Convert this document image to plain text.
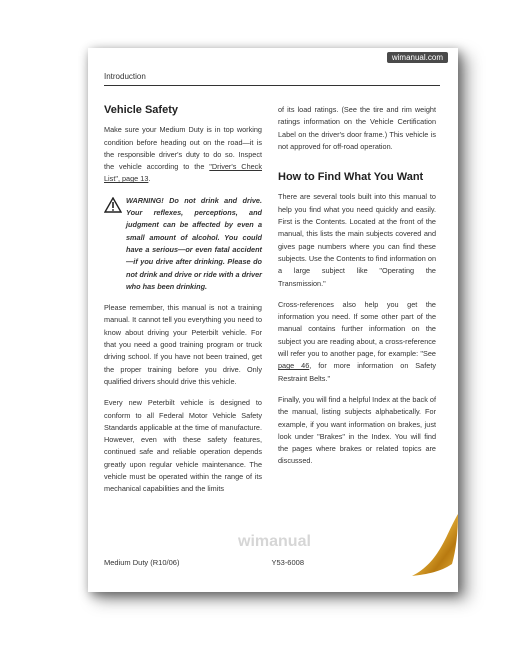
wimanual.com
Introduction
Vehicle Safety

Make sure your Medium Duty is in top working condition before heading out on the road—it is the responsible driver's duty to do so. Inspect the vehicle according to the "Driver's Check List", page 13.

WARNING! Do not drink and drive. Your reflexes, perceptions, and judgment can be affected by even a small amount of alcohol. You could have a serious—or even fatal accident—if you drive after drinking. Please do not drink and drive or ride with a driver who has been drinking.

Please remember, this manual is not a training manual. It cannot tell you everything you need to know about driving your Peterbilt vehicle. For that you need a good training program or truck driving school. If you have not been trained, get the proper training before you drive. Only qualified drivers should drive this vehicle.

Every new Peterbilt vehicle is designed to conform to all Federal Motor Vehicle Safety Standards applicable at the time of manufacture. However, even with these safety features, continued safe and reliable operation depends greatly upon regular vehicle maintenance. The vehicle must be operated within the range of its mechanical capabilities and the limits

of its load ratings. (See the tire and rim weight ratings information on the Vehicle Certification Label on the driver's door frame.) This vehicle is not approved for off-road operation.

How to Find What You Want

There are several tools built into this manual to help you find what you need quickly and easily. First is the Contents. Located at the front of the manual, this lists the main subjects covered and gives page numbers where you can find these subjects. Use the Contents to find information on a large subject like "Operating the Transmission."

Cross-references also help you get the information you need. If some other part of the manual contains further information on the subject you are reading about, a cross-reference will refer you to another page, for example: "See page 46, for more information on Safety Restraint Belts."

Finally, you will find a helpful Index at the back of the manual, listing subjects alphabetically. For example, if you want information on brakes, just look under "Brakes" in the Index. You will find the pages where brakes or related topics are discussed.

wimanual
Medium Duty (R10/06)	Y53-6008
